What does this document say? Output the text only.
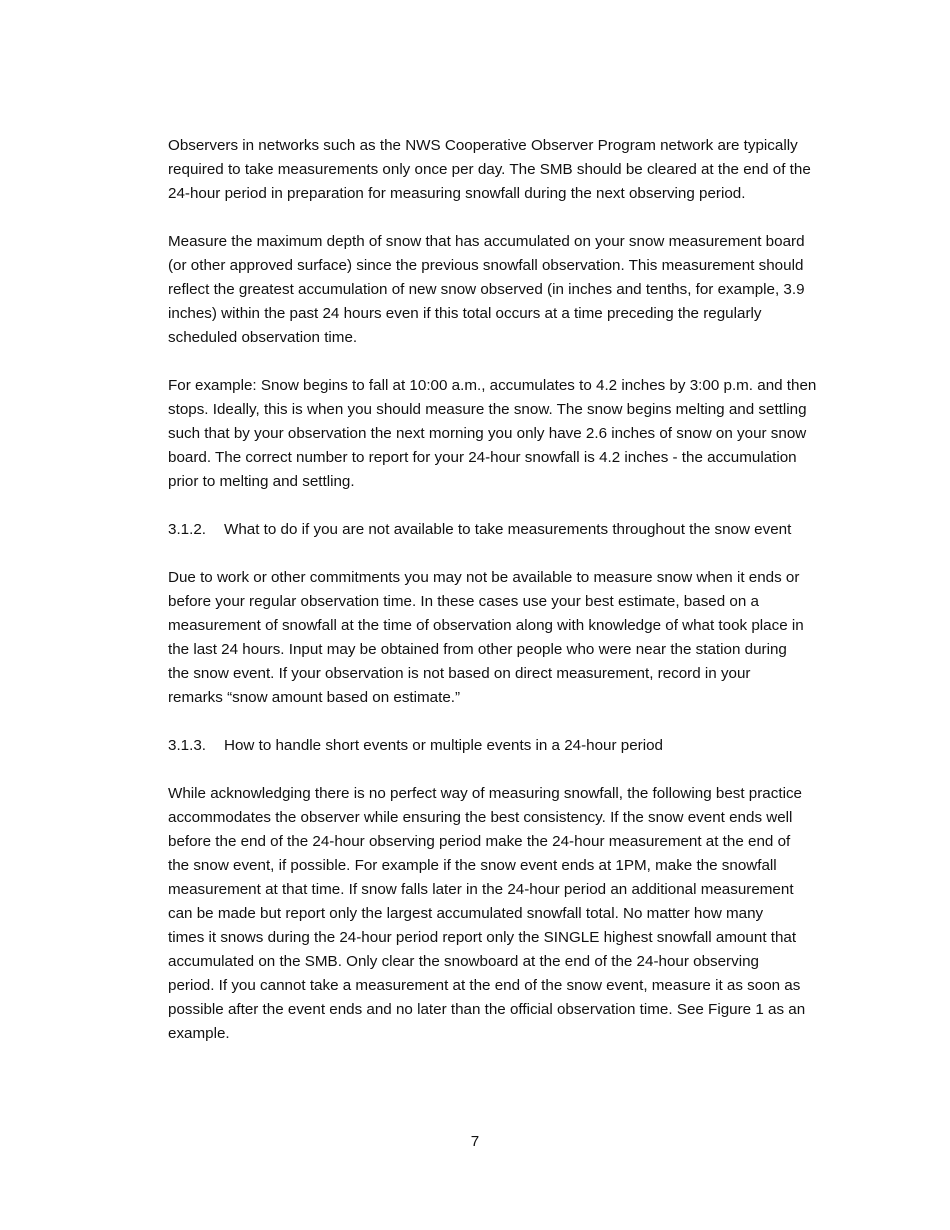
Observers in networks such as the NWS Cooperative Observer Program network are typically
required to take measurements only once per day. The SMB should be cleared at the end of the
24-hour period in preparation for measuring snowfall during the next observing period.

Measure the maximum depth of snow that has accumulated on your snow measurement board
(or other approved surface) since the previous snowfall observation. This measurement should
reflect the greatest accumulation of new snow observed (in inches and tenths, for example, 3.9
inches) within the past 24 hours even if this total occurs at a time preceding the regularly
scheduled observation time.

For example: Snow begins to fall at 10:00 a.m., accumulates to 4.2 inches by 3:00 p.m. and then
stops. Ideally, this is when you should measure the snow. The snow begins melting and settling
such that by your observation the next morning you only have 2.6 inches of snow on your snow
board. The correct number to report for your 24-hour snowfall is 4.2 inches - the accumulation
prior to melting and settling.

3.1.2. What to do if you are not available to take measurements throughout the snow event

Due to work or other commitments you may not be available to measure snow when it ends or
before your regular observation time. In these cases use your best estimate, based on a
measurement of snowfall at the time of observation along with knowledge of what took place in
the last 24 hours. Input may be obtained from other people who were near the station during
the snow event. If your observation is not based on direct measurement, record in your
remarks “snow amount based on estimate.”

3.1.3. How to handle short events or multiple events in a 24-hour period

While acknowledging there is no perfect way of measuring snowfall, the following best practice
accommodates the observer while ensuring the best consistency. If the snow event ends well
before the end of the 24-hour observing period make the 24-hour measurement at the end of
the snow event, if possible. For example if the snow event ends at 1PM, make the snowfall
measurement at that time. If snow falls later in the 24-hour period an additional measurement
can be made but report only the largest accumulated snowfall total. No matter how many
times it snows during the 24-hour period report only the SINGLE highest snowfall amount that
accumulated on the SMB. Only clear the snowboard at the end of the 24-hour observing
period. If you cannot take a measurement at the end of the snow event, measure it as soon as
possible after the event ends and no later than the official observation time. See Figure 1 as an
example.

7
